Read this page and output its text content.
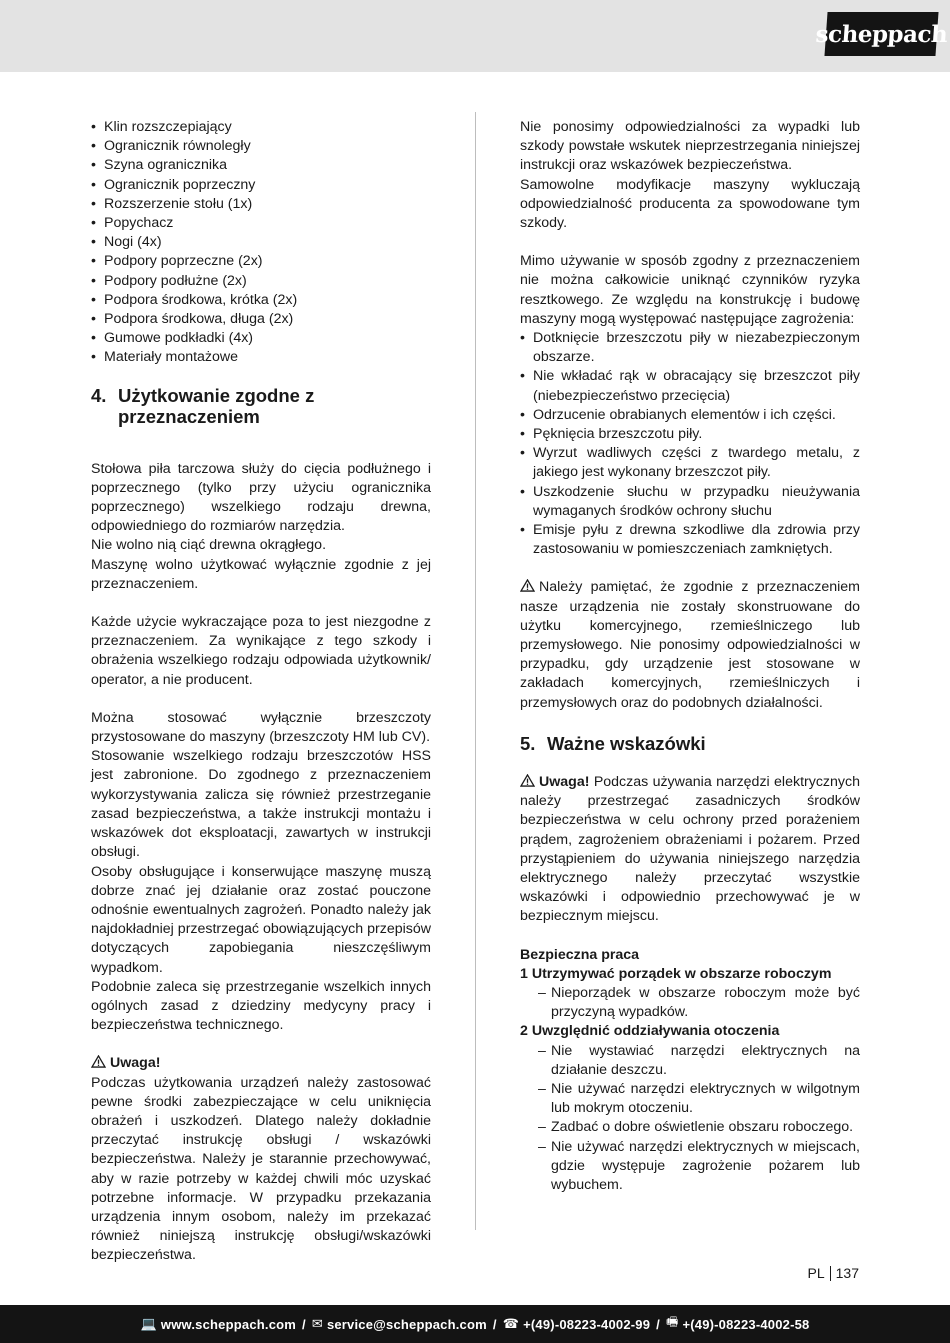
scheppach
• Klin rozszczepiający
• Ogranicznik równoległy
• Szyna ogranicznika
• Ogranicznik poprzeczny
• Rozszerzenie stołu (1x)
• Popychacz
• Nogi (4x)
• Podpory poprzeczne (2x)
• Podpory podłużne (2x)
• Podpora środkowa, krótka (2x)
• Podpora środkowa, długa (2x)
• Gumowe podkładki (4x)
• Materiały montażowe
4. Użytkowanie zgodne z przeznaczeniem

Stołowa piła tarczowa służy do cięcia podłużnego i poprzecznego (tylko przy użyciu ogranicznika poprzecznego) wszelkiego rodzaju drewna, odpowiedniego do rozmiarów narzędzia.

Nie wolno nią ciąć drewna okrągłego.

Maszynę wolno użytkować wyłącznie zgodnie z jej przeznaczeniem.

Każde użycie wykraczające poza to jest niezgodne z przeznaczeniem. Za wynikające z tego szkody i obrażenia wszelkiego rodzaju odpowiada użytkownik/ operator, a nie producent.

Można stosować wyłącznie brzeszczoty przystosowane do maszyny (brzeszczoty HM lub CV).

Stosowanie wszelkiego rodzaju brzeszczotów HSS jest zabronione. Do zgodnego z przeznaczeniem wykorzystywania zalicza się również przestrzeganie zasad bezpieczeństwa, a także instrukcji montażu i wskazówek dot eksploatacji, zawartych w instrukcji obsługi.

Osoby obsługujące i konserwujące maszynę muszą dobrze znać jej działanie oraz zostać pouczone odnośnie ewentualnych zagrożeń. Ponadto należy jak najdokładniej przestrzegać obowiązujących przepisów dotyczących zapobiegania nieszczęśliwym wypadkom.

Podobnie zaleca się przestrzeganie wszelkich innych ogólnych zasad z dziedziny medycyny pracy i bezpieczeństwa technicznego.

Uwaga!

Podczas użytkowania urządzeń należy zastosować pewne środki zabezpieczające w celu uniknięcia obrażeń i uszkodzeń. Dlatego należy dokładnie przeczytać instrukcję obsługi / wskazówki bezpieczeństwa. Należy je starannie przechowywać, aby w razie potrzeby w każdej chwili móc uzyskać potrzebne informacje. W przypadku przekazania urządzenia innym osobom, należy im przekazać również niniejszą instrukcję obsługi/wskazówki bezpieczeństwa.

Nie ponosimy odpowiedzialności za wypadki lub szkody powstałe wskutek nieprzestrzegania niniejszej instrukcji oraz wskazówek bezpieczeństwa.

Samowolne modyfikacje maszyny wykluczają odpowiedzialność producenta za spowodowane tym szkody.

Mimo używanie w sposób zgodny z przeznaczeniem nie można całkowicie uniknąć czynników ryzyka resztkowego. Ze względu na konstrukcję i budowę maszyny mogą występować następujące zagrożenia:

• Dotknięcie brzeszczotu piły w niezabezpieczonym obszarze.
• Nie wkładać rąk w obracający się brzeszczot piły (niebezpieczeństwo przecięcia)
• Odrzucenie obrabianych elementów i ich części.
• Pęknięcia brzeszczotu piły.
• Wyrzut wadliwych części z twardego metalu, z jakiego jest wykonany brzeszczot piły.
• Uszkodzenie słuchu w przypadku nieużywania wymaganych środków ochrony słuchu
• Emisje pyłu z drewna szkodliwe dla zdrowia przy zastosowaniu w pomieszczeniach zamkniętych.

Należy pamiętać, że zgodnie z przeznaczeniem nasze urządzenia nie zostały skonstruowane do użytku komercyjnego, rzemieślniczego lub przemysłowego. Nie ponosimy odpowiedzialności w przypadku, gdy urządzenie jest stosowane w zakładach komercyjnych, rzemieślniczych i przemysłowych oraz do podobnych działalności.

5. Ważne wskazówki

Uwaga! Podczas używania narzędzi elektrycznych należy przestrzegać zasadniczych środków bezpieczeństwa w celu ochrony przed porażeniem prądem, zagrożeniem obrażeniami i pożarem. Przed przystąpieniem do używania niniejszego narzędzia elektrycznego należy przeczytać wszystkie wskazówki i odpowiednio przechowywać je w bezpiecznym miejscu.

Bezpieczna praca

1 Utrzymywać porządek w obszarze roboczym

– Nieporządek w obszarze roboczym może być przyczyną wypadków.

2 Uwzględnić oddziaływania otoczenia

– Nie wystawiać narzędzi elektrycznych na działanie deszczu.
– Nie używać narzędzi elektrycznych w wilgotnym lub mokrym otoczeniu.
– Zadbać o dobre oświetlenie obszaru roboczego.
– Nie używać narzędzi elektrycznych w miejscach, gdzie występuje zagrożenie pożarem lub wybuchem.
PL 137
💻 www.scheppach.com / ✉ service@scheppach.com / ☎ +(49)-08223-4002-99 / 🖷 +(49)-08223-4002-58
